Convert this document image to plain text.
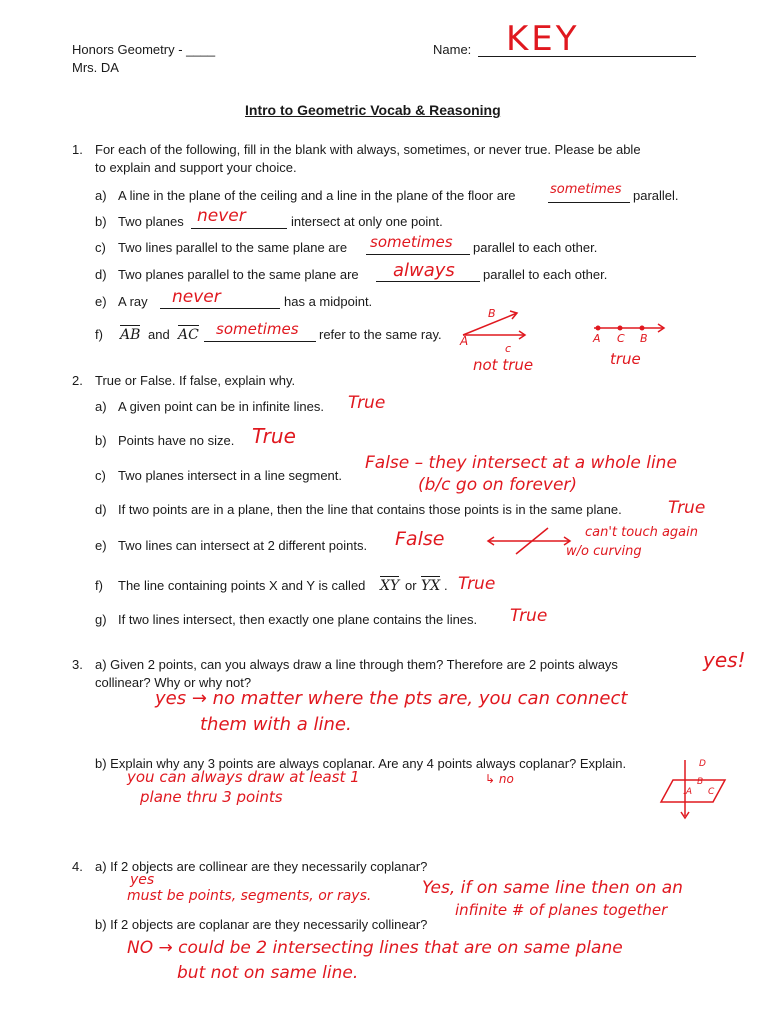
Honors Geometry - ____
Mrs. DA
Name: KEY
Intro to Geometric Vocab & Reasoning
1. For each of the following, fill in the blank with always, sometimes, or never true. Please be able
to explain and support your choice.
a) A line in the plane of the ceiling and a line in the plane of the floor are	sometimes parallel.
b) Two planes never	intersect at only one point.
c) Two lines parallel to the same plane are sometimes parallel to each other.
d) Two planes parallel to the same plane are always parallel to each other.
e) A ray never	has a midpoint.
f) AB and AC sometimes refer to the same ray. A
B
c
not true
A C B
true
2. True or False. If false, explain why.
a) A given point can be in infinite lines. True
b) Points have no size. True
c) Two planes intersect in a line segment.
False – they intersect at a whole line
(b/c go on forever)
d) If two points are in a plane, then the line that contains those points is in the same plane.	True
e) Two lines can intersect at 2 different points. False	can't touch again
w/o curving
f) The line containing points X and Y is called XY or YX . True
g) If two lines intersect, then exactly one plane contains the lines. True
3. a) Given 2 points, can you always draw a line through them? Therefore are 2 points always
collinear? Why or why not?
yes!
yes → no matter where the pts are, you can connect
them with a line.
b) Explain why any 3 points are always coplanar. Are any 4 points always coplanar? Explain.
you can always draw at least 1
plane thru 3 points
↳ no
.A
B
C
D
4. a) If 2 objects are collinear are they necessarily coplanar?
yes
must be points, segments, or rays.	Yes, if on same line then on an
infinite # of planes together
b) If 2 objects are coplanar are they necessarily collinear?
NO → could be 2 intersecting lines that are on same plane
but not on same line.
